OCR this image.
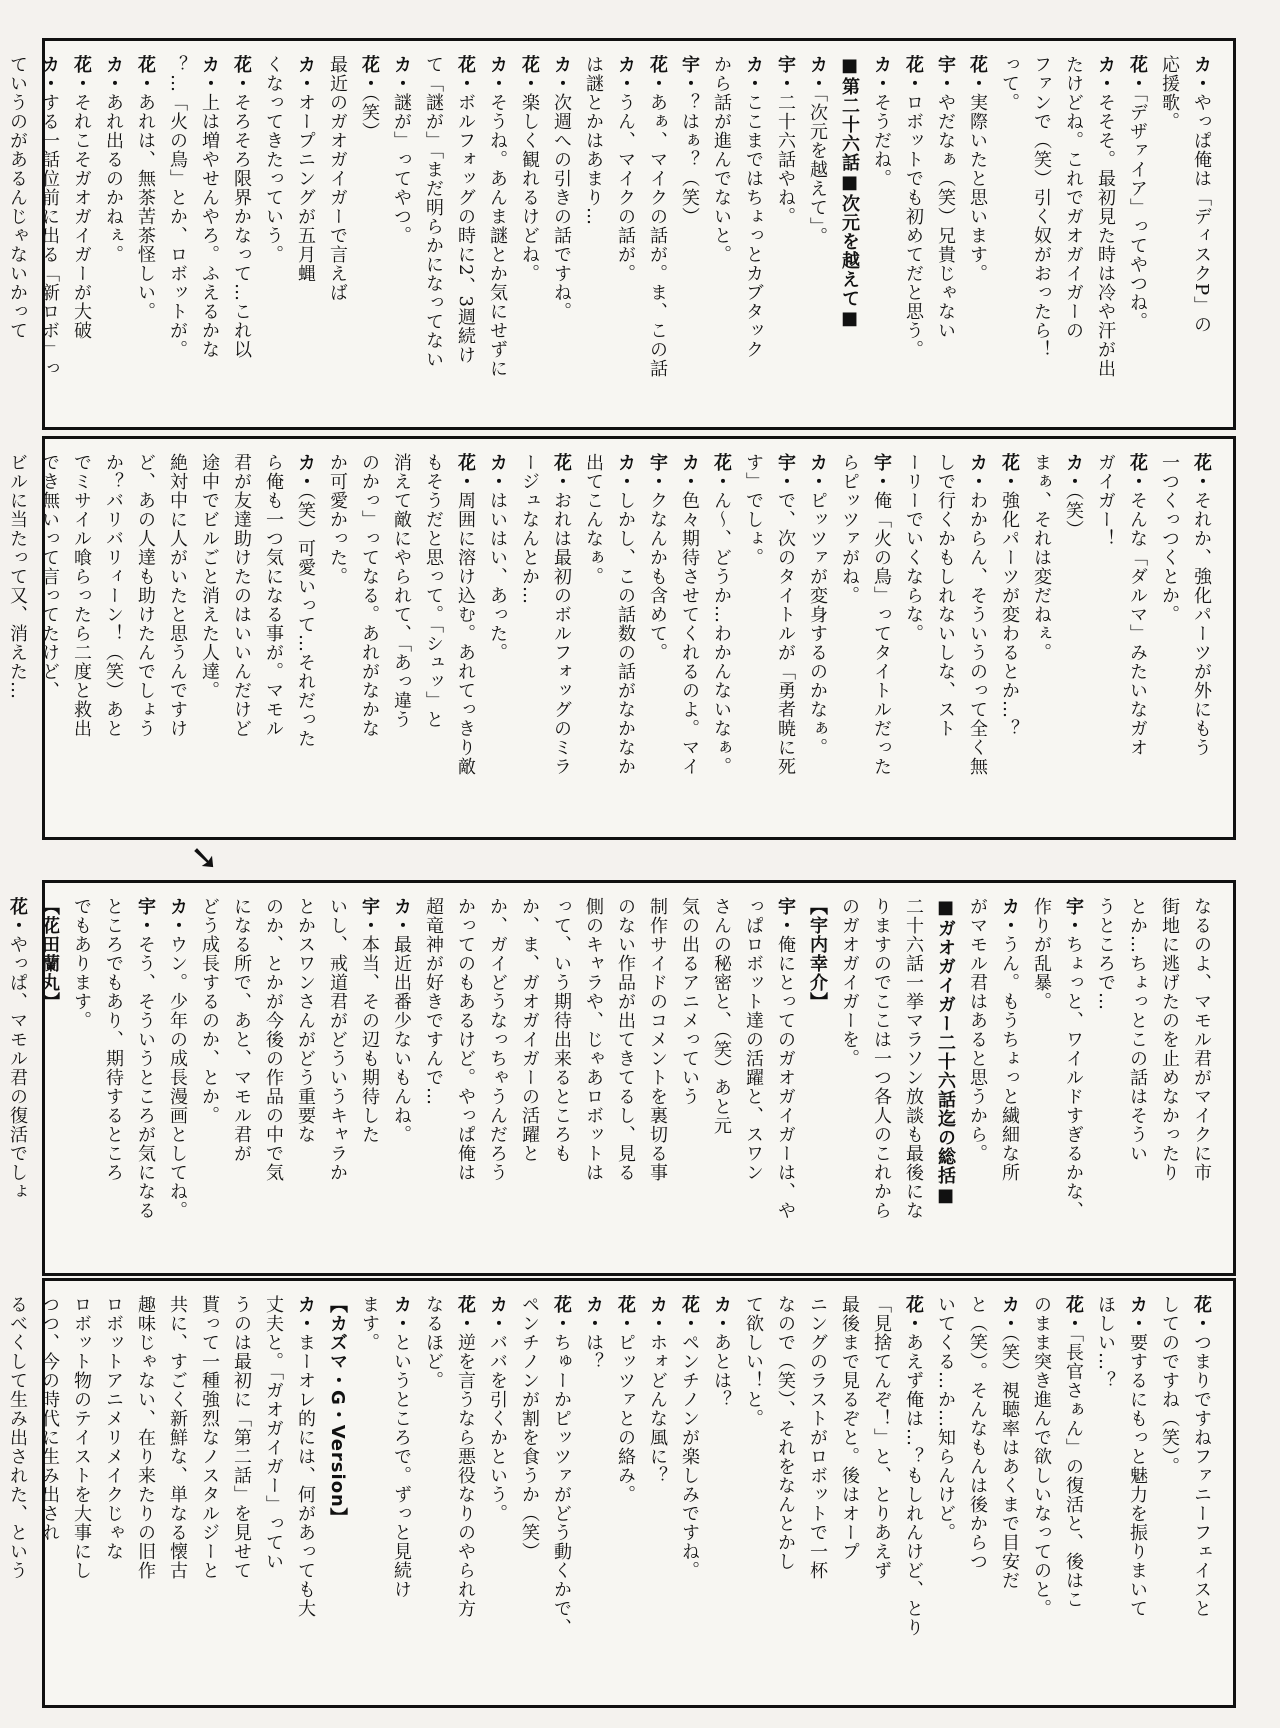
カ・やっぱ俺は「ディスクP」の
応援歌。
花・「デザァイア」ってやつね。
カ・そそそ。最初見た時は冷や汗が出
たけどね。これでガオガイガーの
ファンで（笑）引く奴がおったら！
って。
花・実際いたと思います。
宇・やだなぁ（笑）兄貴じゃない
花・ロボットでも初めてだと思う。
カ・そうだね。
■第二十六話■次元を越えて■
カ・「次元を越えて」。
宇・二十六話やね。
カ・ここまではちょっとカブタック
から話が進んでないと。
宇・？はぁ？（笑）
花・あぁ、マイクの話が。ま、この話
カ・うん、マイクの話が。
は謎とかはあまり…
カ・次週への引きの話ですね。
花・楽しく観れるけどね。
カ・そうね。あんま謎とか気にせずに
花・ボルフォッグの時に2、3週続け
て「謎が」「まだ明らかになってない
カ・謎が」ってやつ。
花・（笑）
最近のガオガイガーで言えば
カ・オープニングが五月蝿
くなってきたっていう。
花・そろそろ限界かなって…これ以
カ・上は増やせんやろ。ふえるかな
？…「火の鳥」とか、ロボットが。
花・あれは、無茶苦茶怪しい。
カ・あれ出るのかねぇ。
花・それこそガオガイガーが大破
カ・する一話位前に出る「新ロボ」っ
ていうのがあるんじゃないかって
花・それか、強化パーツが外にもう
一つくっつくとか。
花・そんな「ダルマ」みたいなガオ
ガイガー！
カ・（笑）
まぁ、それは変だねぇ。
花・強化パーツが変わるとか…？
カ・わからん、そういうのって全く無
しで行くかもしれないしな、スト
ーリーでいくならな。
宇・俺「火の鳥」ってタイトルだった
らピッツァがね。
カ・ピッツァが変身するのかなぁ。
宇・で、次のタイトルが「勇者暁に死
す」でしょ。
花・ん〜、どうか…わかんないなぁ。
カ・色々期待させてくれるのよ。マイ
宇・クなんかも含めて。
カ・しかし、この話数の話がなかなか
出てこんなぁ。
花・おれは最初のボルフォッグのミラ
ージュなんとか…
カ・はいはい、あった。
花・周囲に溶け込む。あれてっきり敵
もそうだと思って。「シュッ」と
消えて敵にやられて、「あっ違う
のかっ」ってなる。あれがなかな
か可愛かった。
カ・（笑）可愛いって…それだった
ら俺も一つ気になる事が。マモル
君が友達助けたのはいいんだけど
途中でビルごと消えた人達。
絶対中に人がいたと思うんですけ
ど、あの人達も助けたんでしょう
か？バリバリィーン！（笑）あと
でミサイル喰らったら二度と救出
でき無いって言ってたけど、
ビルに当たって又、消えた…
➘
なるのよ、マモル君がマイクに市
街地に逃げたのを止めなかったり
とか…ちょっとこの話はそうい
うところで…
宇・ちょっと、ワイルドすぎるかな、
作りが乱暴。
カ・うん。もうちょっと繊細な所
がマモル君はあると思うから。
■ガオガイガー二十六話迄の総括■
二十六話一挙マラソン放談も最後にな
りますのでここは一つ各人のこれから
のガオガイガーを。
【宇内幸介】
宇・俺にとってのガオガイガーは、や
っぱロボット達の活躍と、スワン
さんの秘密と、（笑）あと元
気の出るアニメっていう
制作サイドのコメントを裏切る事
のない作品が出てきてるし、見る
側のキャラや、じゃあロボットは
って、いう期待出来るところも
か、ま、ガオガイガーの活躍と
か、ガイどうなっちゃうんだろう
かってのもあるけど。やっぱ俺は
超竜神が好きですんで…
カ・最近出番少ないもんね。
宇・本当、その辺も期待した
いし、戒道君がどういうキャラか
とかスワンさんがどう重要な
のか、とかが今後の作品の中で気
になる所で、あと、マモル君が
どう成長するのか、とか。
カ・ウン。少年の成長漫画としてね。
宇・そう、そういうところが気になる
ところでもあり、期待するところ
でもあります。
【花田蘭丸】
花・やっぱ、マモル君の復活でしょ
花・つまりですねファニーフェイスと
してのですね（笑）。
カ・要するにもっと魅力を振りまいて
ほしい…？
花・「長官さぁん」の復活と、後はこ
のまま突き進んで欲しいなってのと。
カ・（笑）視聴率はあくまで目安だ
と（笑）。そんなもんは後からつ
いてくる…か…知らんけど。
花・あえず俺は…？もしれんけど、とり
「見捨てんぞ！」と、とりあえず
最後まで見るぞと。後はオープ
ニングのラストがロボットで一杯
なので（笑）、それをなんとかし
て欲しい！と。
カ・あとは？
花・ペンチノンが楽しみですね。
カ・ホォどんな風に？
花・ピッツァとの絡み。
カ・は？
花・ちゅーかピッツァがどう動くかで、
ペンチノンが割を食うか（笑）
カ・ババを引くかという。
花・逆を言うなら悪役なりのやられ方
なるほど。
カ・というところで。ずっと見続け
ます。
【カズマ・G・Version】
カ・まーオレ的には、何があっても大
丈夫と。「ガオガイガー」ってい
うのは最初に「第二話」を見せて
貰って一種強烈なノスタルジーと
共に、すごく新鮮な、単なる懐古
趣味じゃない、在り来たりの旧作
ロボットアニメリメイクじゃな
ロボット物のテイストを大事にし
つつ、今の時代に生み出され
るべくして生み出された、という
